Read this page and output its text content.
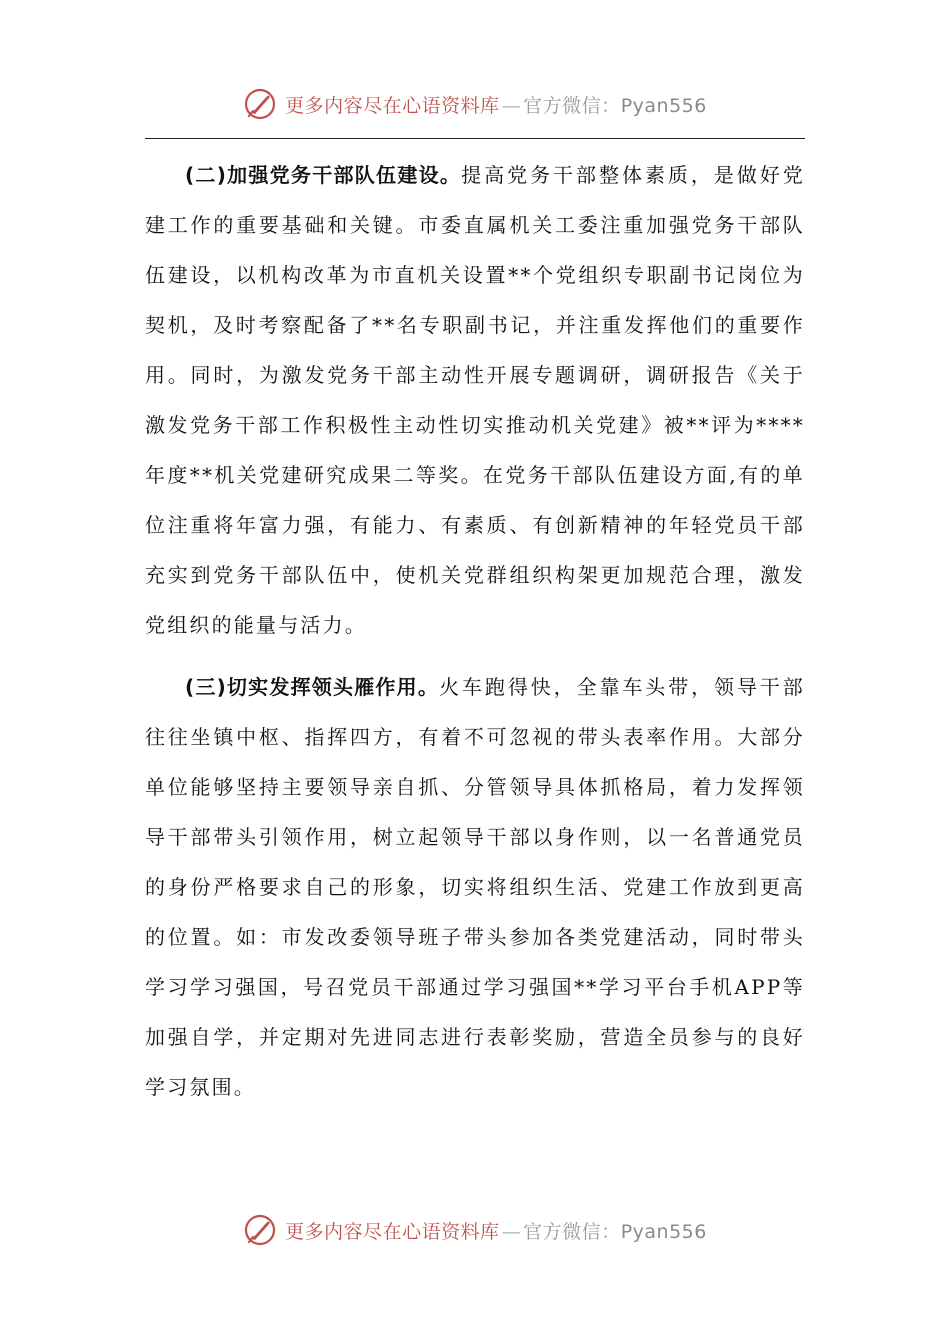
更多内容尽在心语资料库 — 官方微信：Pyan556

(二)加强党务干部队伍建设。提高党务干部整体素质，是做好党建工作的重要基础和关键。市委直属机关工委注重加强党务干部队伍建设，以机构改革为市直机关设置**个党组织专职副书记岗位为契机，及时考察配备了**名专职副书记，并注重发挥他们的重要作用。同时，为激发党务干部主动性开展专题调研，调研报告《关于激发党务干部工作积极性主动性切实推动机关党建》被**评为****年度**机关党建研究成果二等奖。在党务干部队伍建设方面,有的单位注重将年富力强，有能力、有素质、有创新精神的年轻党员干部充实到党务干部队伍中，使机关党群组织构架更加规范合理，激发党组织的能量与活力。

(三)切实发挥领头雁作用。火车跑得快，全靠车头带，领导干部往往坐镇中枢、指挥四方，有着不可忽视的带头表率作用。大部分单位能够坚持主要领导亲自抓、分管领导具体抓格局，着力发挥领导干部带头引领作用，树立起领导干部以身作则，以一名普通党员的身份严格要求自己的形象，切实将组织生活、党建工作放到更高的位置。如：市发改委领导班子带头参加各类党建活动，同时带头学习学习强国，号召党员干部通过学习强国**学习平台手机APP等加强自学，并定期对先进同志进行表彰奖励，营造全员参与的良好学习氛围。

更多内容尽在心语资料库 — 官方微信：Pyan556
